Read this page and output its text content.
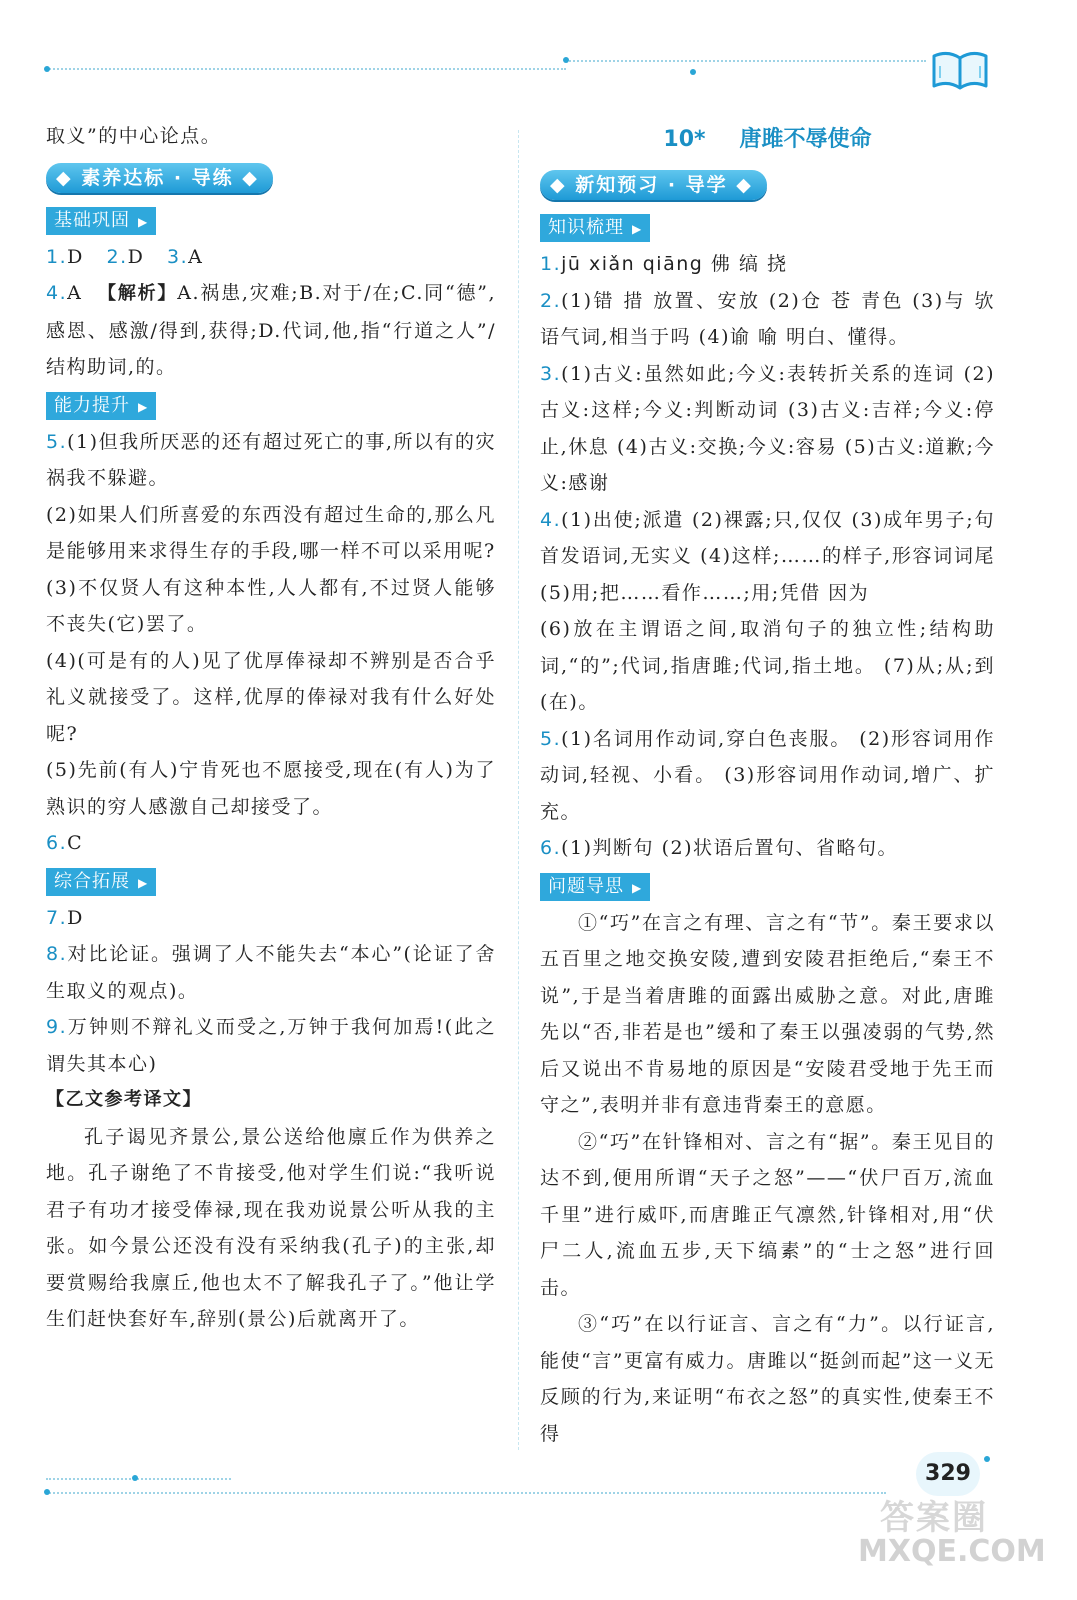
取义”的中心论点。

◆ 素养达标 · 导练 ◆
基础巩固 ▶

1.D 2.D 3.A

4.A 【解析】A.祸患,灾难;B.对于/在;C.同“德”,感恩、感激/得到,获得;D.代词,他,指“行道之人”/结构助词,的。

能力提升 ▶

5.(1)但我所厌恶的还有超过死亡的事,所以有的灾祸我不躲避。

(2)如果人们所喜爱的东西没有超过生命的,那么凡是能够用来求得生存的手段,哪一样不可以采用呢?

(3)不仅贤人有这种本性,人人都有,不过贤人能够不丧失(它)罢了。

(4)(可是有的人)见了优厚俸禄却不辨别是否合乎礼义就接受了。这样,优厚的俸禄对我有什么好处呢?

(5)先前(有人)宁肯死也不愿接受,现在(有人)为了熟识的穷人感激自己却接受了。

6.C

综合拓展 ▶

7.D

8.对比论证。强调了人不能失去“本心”(论证了舍生取义的观点)。

9.万钟则不辩礼义而受之,万钟于我何加焉!(此之谓失其本心)

【乙文参考译文】

孔子谒见齐景公,景公送给他廪丘作为供养之地。孔子谢绝了不肯接受,他对学生们说:“我听说君子有功才接受俸禄,现在我劝说景公听从我的主张。如今景公还没有没有采纳我(孔子)的主张,却要赏赐给我廪丘,他也太不了解我孔子了。”他让学生们赶快套好车,辞别(景公)后就离开了。

10* 唐雎不辱使命
◆ 新知预习 · 导学 ◆
知识梳理 ▶

1.jū xiǎn qiāng 佛 缟 挠

2.(1)错 措 放置、安放 (2)仓 苍 青色 (3)与 欤 语气词,相当于吗 (4)谕 喻 明白、懂得。

3.(1)古义:虽然如此;今义:表转折关系的连词 (2)古义:这样;今义:判断动词 (3)古义:吉祥;今义:停止,休息 (4)古义:交换;今义:容易 (5)古义:道歉;今义:感谢

4.(1)出使;派遣 (2)裸露;只,仅仅 (3)成年男子;句首发语词,无实义 (4)这样;……的样子,形容词词尾 (5)用;把……看作……;用;凭借 因为

(6)放在主谓语之间,取消句子的独立性;结构助词,“的”;代词,指唐雎;代词,指土地。 (7)从;从;到(在)。

5.(1)名词用作动词,穿白色丧服。 (2)形容词用作动词,轻视、小看。 (3)形容词用作动词,增广、扩充。

6.(1)判断句 (2)状语后置句、省略句。

问题导思 ▶

①“巧”在言之有理、言之有“节”。秦王要求以五百里之地交换安陵,遭到安陵君拒绝后,“秦王不说”,于是当着唐雎的面露出威胁之意。对此,唐雎先以“否,非若是也”缓和了秦王以强凌弱的气势,然后又说出不肯易地的原因是“安陵君受地于先王而守之”,表明并非有意违背秦王的意愿。

②“巧”在针锋相对、言之有“据”。秦王见目的达不到,便用所谓“天子之怒”——“伏尸百万,流血千里”进行威吓,而唐雎正气凛然,针锋相对,用“伏尸二人,流血五步,天下缟素”的“士之怒”进行回击。

③“巧”在以行证言、言之有“力”。以行证言,能使“言”更富有威力。唐雎以“挺剑而起”这一义无反顾的行为,来证明“布衣之怒”的真实性,使秦王不得

329
答案圈
MXQE.COM
